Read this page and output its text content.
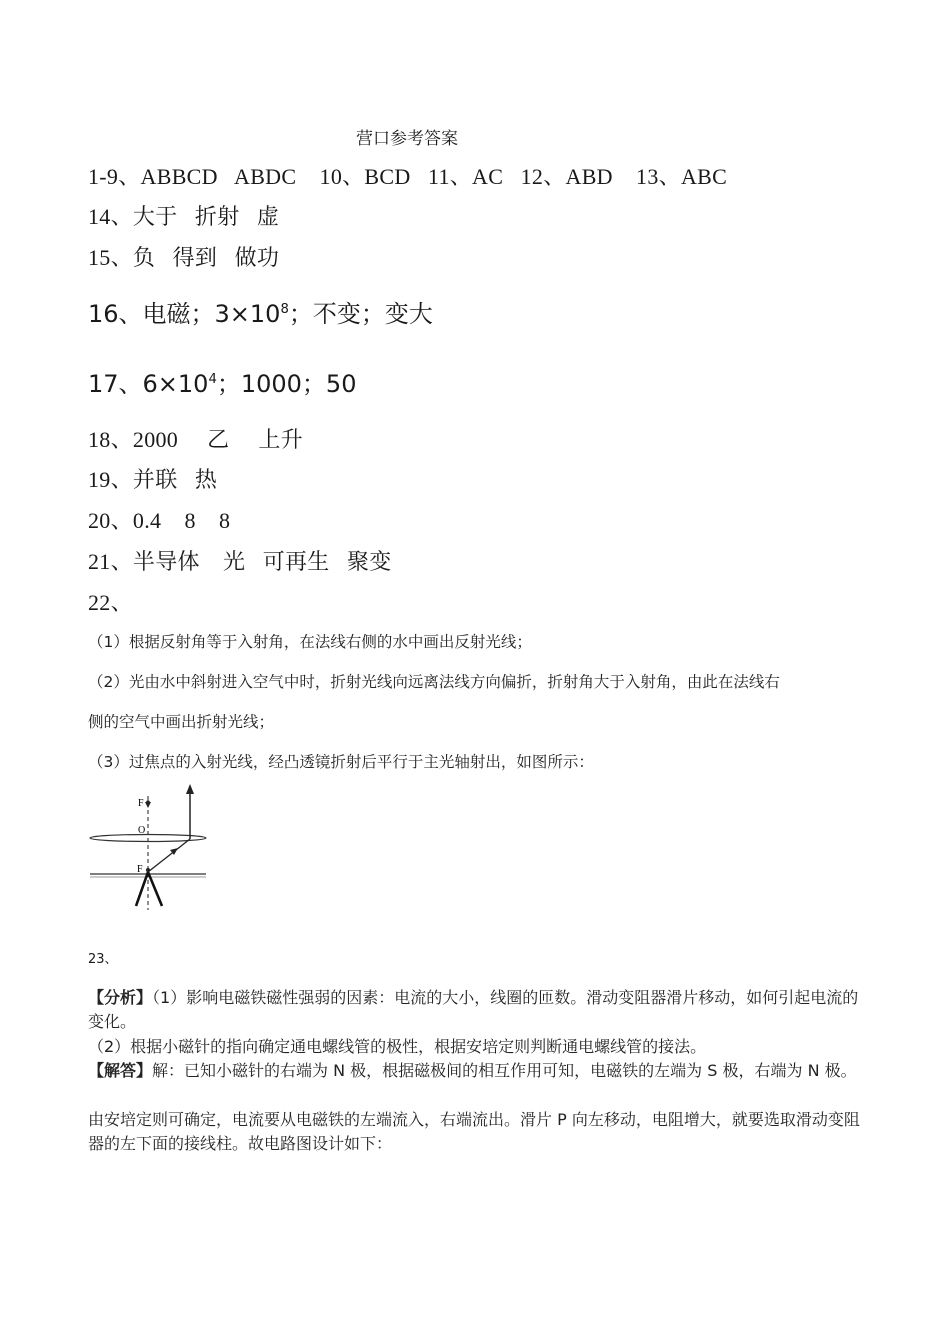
营口参考答案
1-9、ABBCD   ABDC    10、BCD   11、AC   12、ABD    13、ABC
14、大于   折射   虚
15、负   得到   做功
16、电磁；$3\times 10^8$；不变；变大
17、$6\times 10^4$；1000；50
18、2000     乙     上升
19、并联   热
20、0.4    8    8
21、半导体    光   可再生   聚变
22、
（1）根据反射角等于入射角，在法线右侧的水中画出反射光线；
（2）光由水中斜射进入空气中时，折射光线向远离法线方向偏折，折射角大于入射角，由此在法线右
侧的空气中画出折射光线；
（3）过焦点的入射光线，经凸透镜折射后平行于主光轴射出，如图所示：
F
O
F
23、
【分析】（1）影响电磁铁磁性强弱的因素：电流的大小，线圈的匝数。滑动变阻器滑片移动，如何引起电流的变化。
（2）根据小磁针的指向确定通电螺线管的极性，根据安培定则判断通电螺线管的接法。
【解答】解：已知小磁针的右端为 N 极，根据磁极间的相互作用可知，电磁铁的左端为 S 极，右端为 N 极。
由安培定则可确定，电流要从电磁铁的左端流入，右端流出。滑片 P 向左移动，电阻增大，就要选取滑动变阻器的左下面的接线柱。故电路图设计如下：
